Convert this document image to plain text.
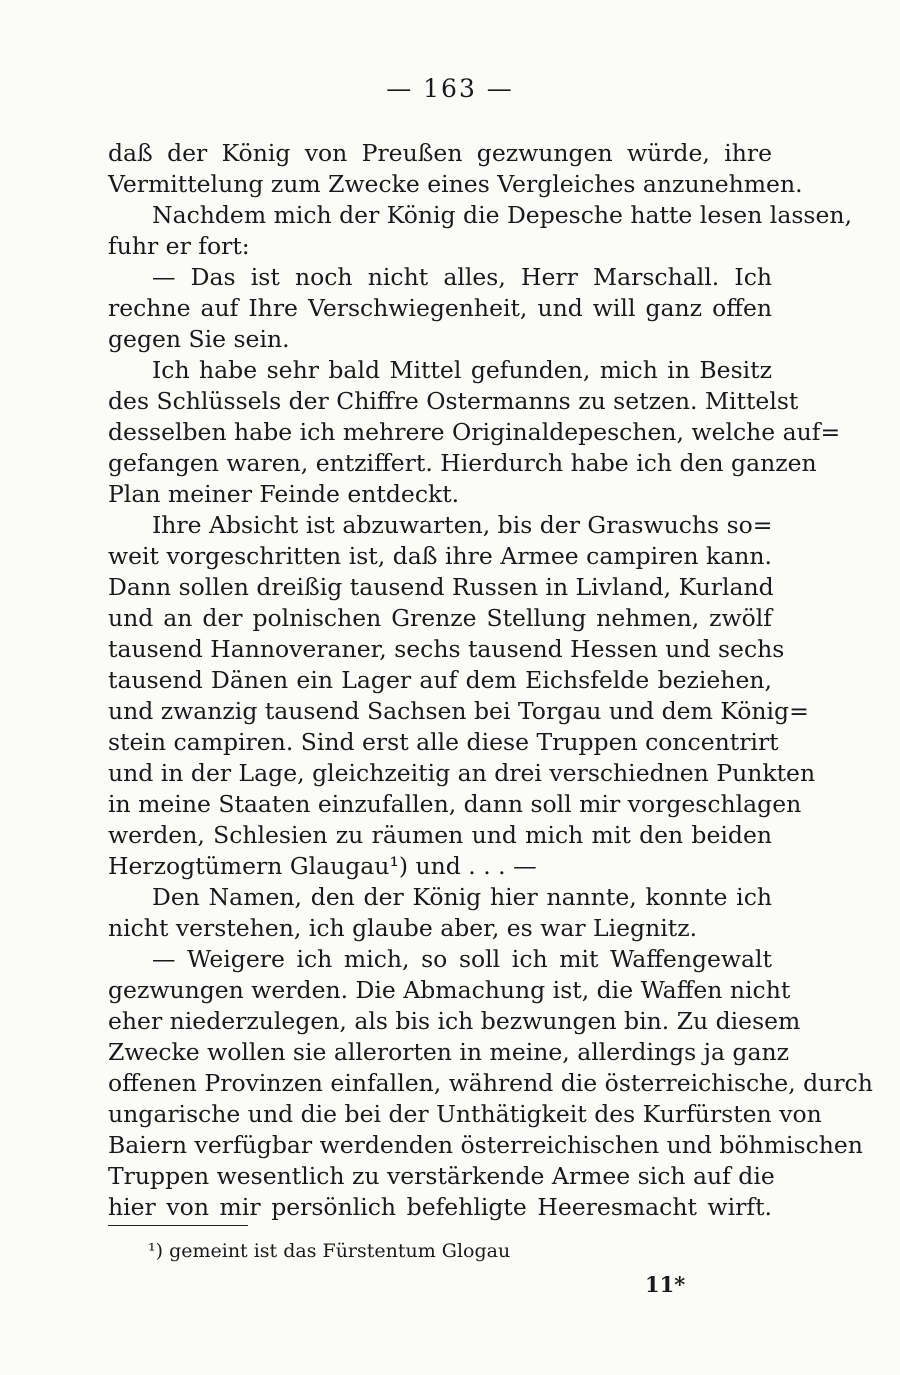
— 163 —
daß der König von Preußen gezwungen würde, ihre
Vermittelung zum Zwecke eines Vergleiches anzunehmen.
Nachdem mich der König die Depesche hatte lesen lassen,
fuhr er fort:
— Das ist noch nicht alles, Herr Marschall. Ich
rechne auf Ihre Verschwiegenheit, und will ganz offen
gegen Sie sein.
Ich habe sehr bald Mittel gefunden, mich in Besitz
des Schlüssels der Chiffre Ostermanns zu setzen. Mittelst
desselben habe ich mehrere Originaldepeschen, welche auf=
gefangen waren, entziffert. Hierdurch habe ich den ganzen
Plan meiner Feinde entdeckt.
Ihre Absicht ist abzuwarten, bis der Graswuchs so=
weit vorgeschritten ist, daß ihre Armee campiren kann.
Dann sollen dreißig tausend Russen in Livland, Kurland
und an der polnischen Grenze Stellung nehmen, zwölf
tausend Hannoveraner, sechs tausend Hessen und sechs
tausend Dänen ein Lager auf dem Eichsfelde beziehen,
und zwanzig tausend Sachsen bei Torgau und dem König=
stein campiren. Sind erst alle diese Truppen concentrirt
und in der Lage, gleichzeitig an drei verschiednen Punkten
in meine Staaten einzufallen, dann soll mir vorgeschlagen
werden, Schlesien zu räumen und mich mit den beiden
Herzogtümern Glaugau¹) und . . . —
Den Namen, den der König hier nannte, konnte ich
nicht verstehen, ich glaube aber, es war Liegnitz.
— Weigere ich mich, so soll ich mit Waffengewalt
gezwungen werden. Die Abmachung ist, die Waffen nicht
eher niederzulegen, als bis ich bezwungen bin. Zu diesem
Zwecke wollen sie allerorten in meine, allerdings ja ganz
offenen Provinzen einfallen, während die österreichische, durch
ungarische und die bei der Unthätigkeit des Kurfürsten von
Baiern verfügbar werdenden österreichischen und böhmischen
Truppen wesentlich zu verstärkende Armee sich auf die
hier von mir persönlich befehligte Heeresmacht wirft.
¹) gemeint ist das Fürstentum Glogau
11*
